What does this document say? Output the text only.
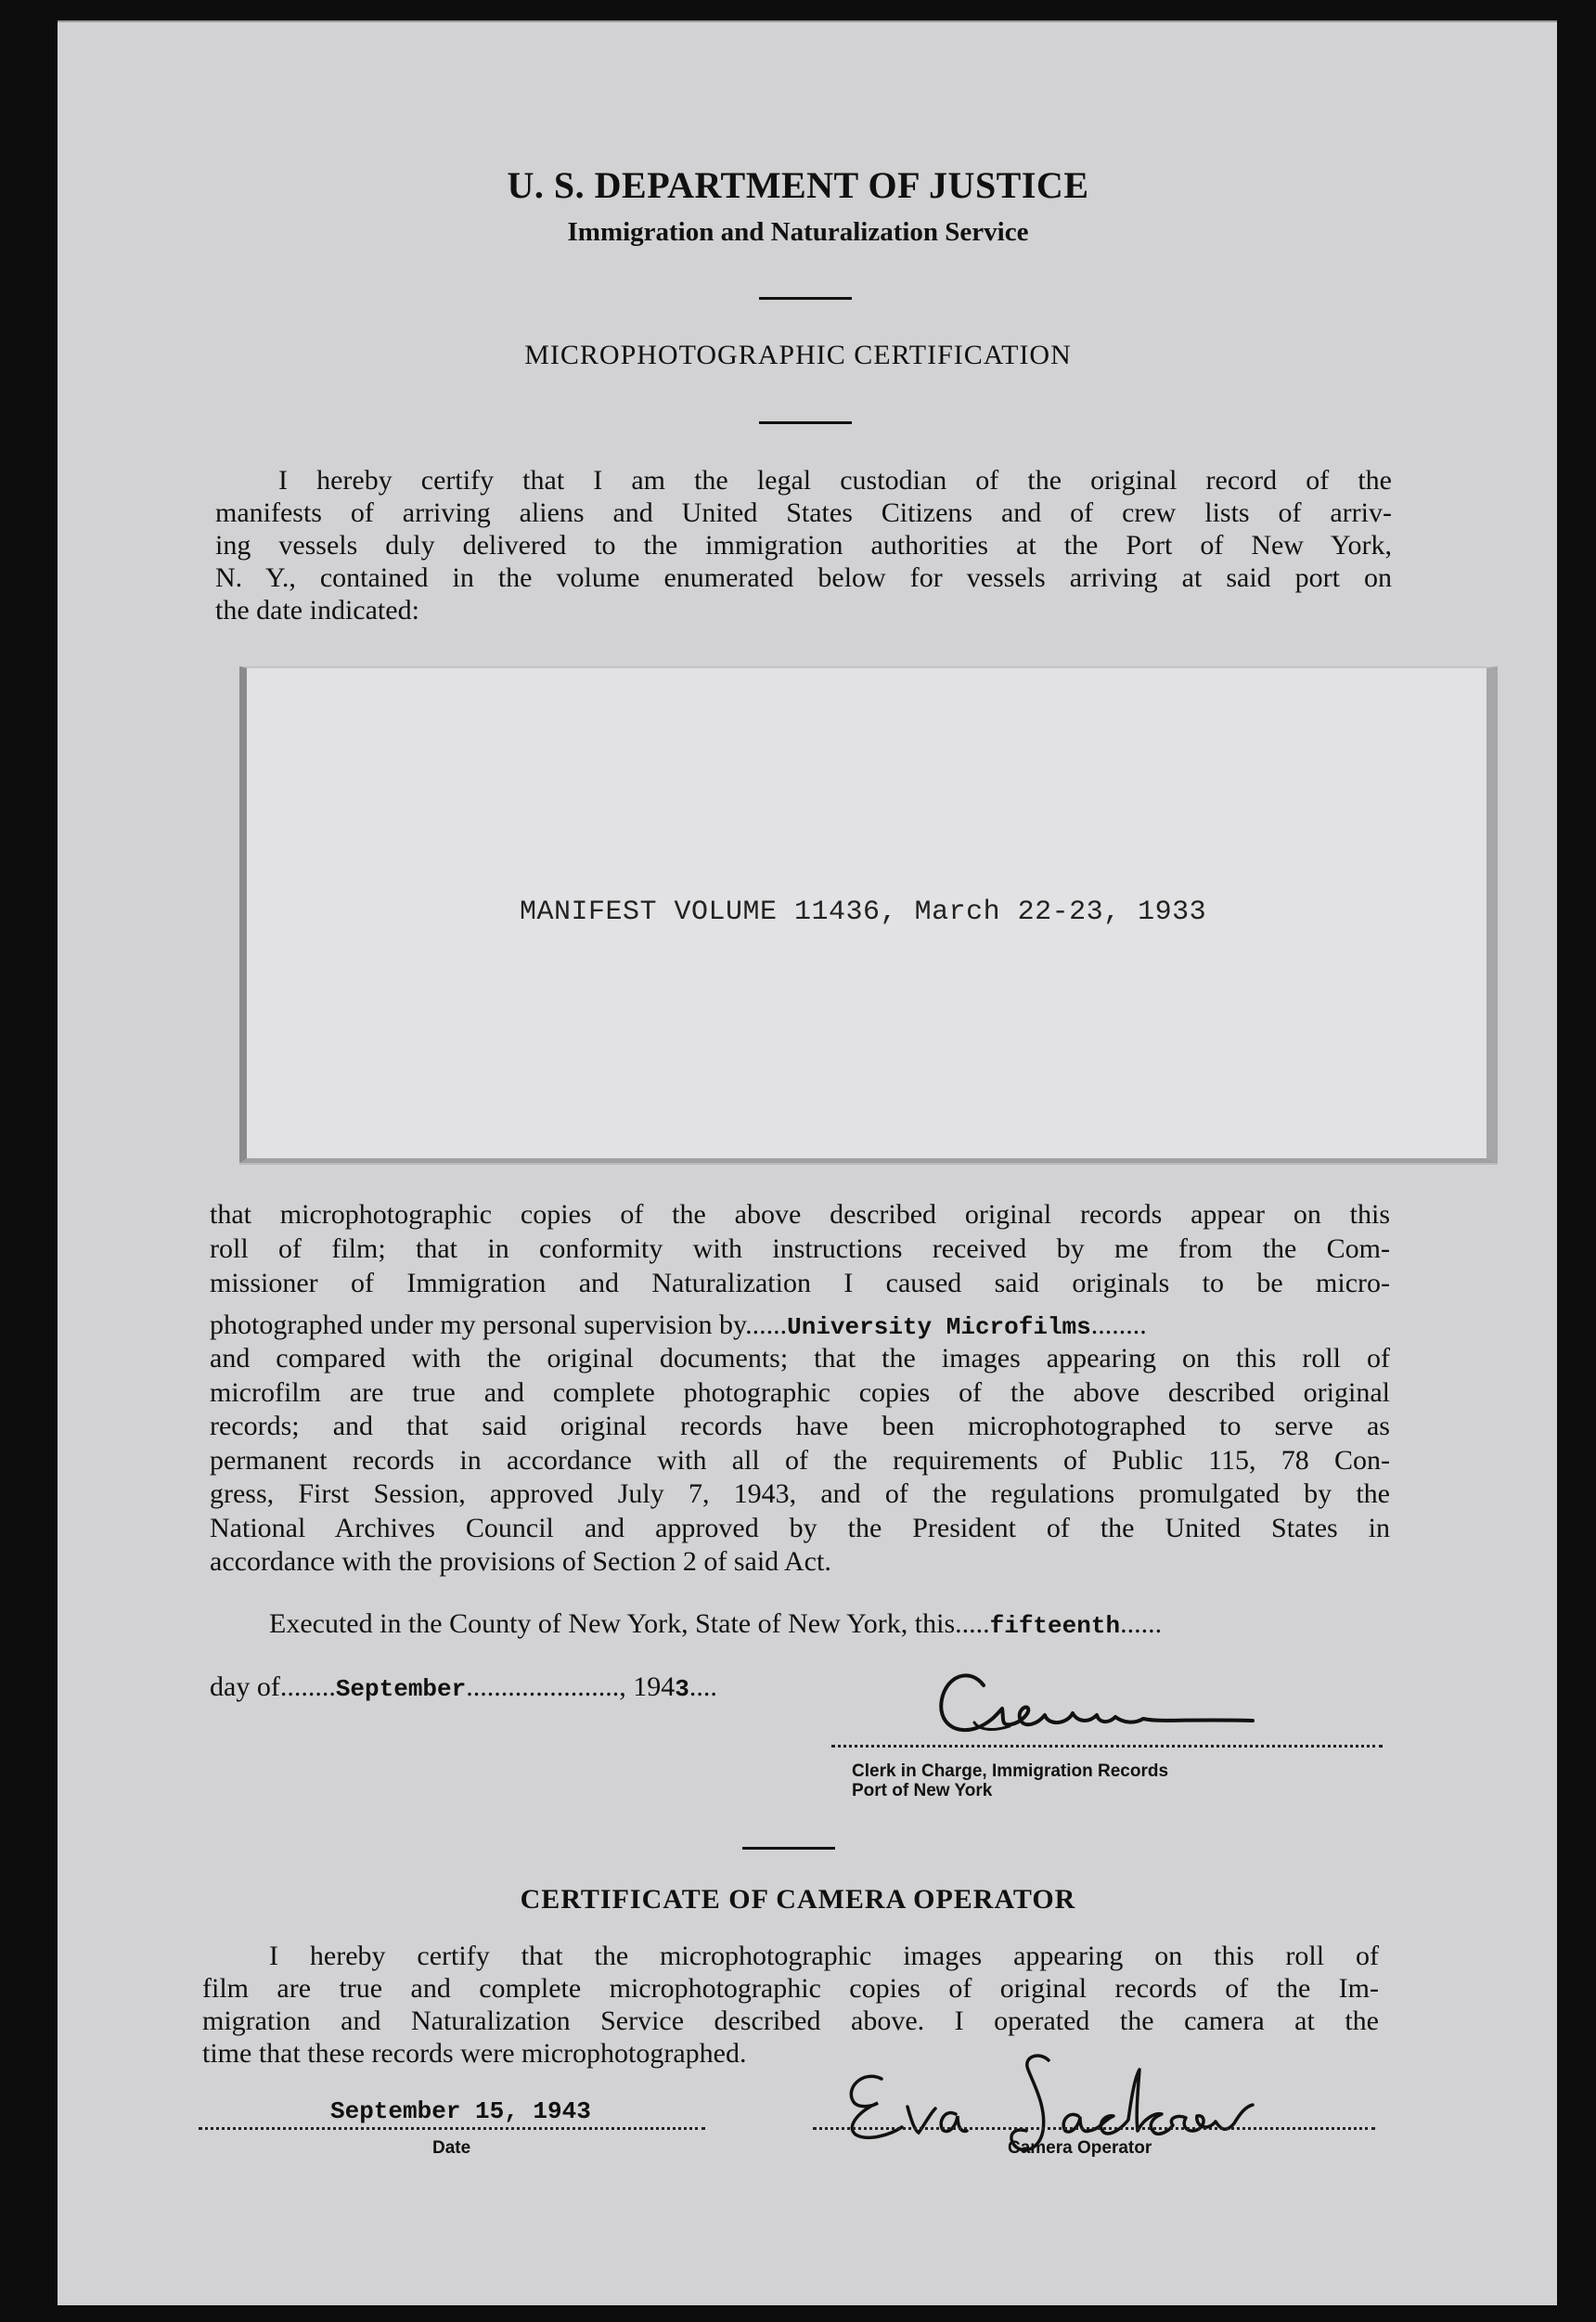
U. S. DEPARTMENT OF JUSTICE
Immigration and Naturalization Service
MICROPHOTOGRAPHIC CERTIFICATION
I hereby certify that I am the legal custodian of the original record of the
manifests of arriving aliens and United States Citizens and of crew lists of arriv-
ing vessels duly delivered to the immigration authorities at the Port of New York,
N. Y., contained in the volume enumerated below for vessels arriving at said port on
the date indicated:
MANIFEST VOLUME 11436, March 22-23, 1933
that microphotographic copies of the above described original records appear on this
roll of film; that in conformity with instructions received by me from the Com-
missioner of Immigration and Naturalization I caused said originals to be micro-
photographed under my personal supervision by......University Microfilms........
and compared with the original documents; that the images appearing on this roll of
microfilm are true and complete photographic copies of the above described original
records; and that said original records have been microphotographed to serve as
permanent records in accordance with all of the requirements of Public 115, 78 Con-
gress, First Session, approved July 7, 1943, and of the regulations promulgated by the
National Archives Council and approved by the President of the United States in
accordance with the provisions of Section 2 of said Act.
Executed in the County of New York, State of New York, this.....fifteenth......
day of........September......................, 1943....
Clerk in Charge, Immigration Records
Port of New York
CERTIFICATE OF CAMERA OPERATOR
I hereby certify that the microphotographic images appearing on this roll of
film are true and complete microphotographic copies of original records of the Im-
migration and Naturalization Service described above. I operated the camera at the
time that these records were microphotographed.
September 15, 1943
Date	Camera Operator
